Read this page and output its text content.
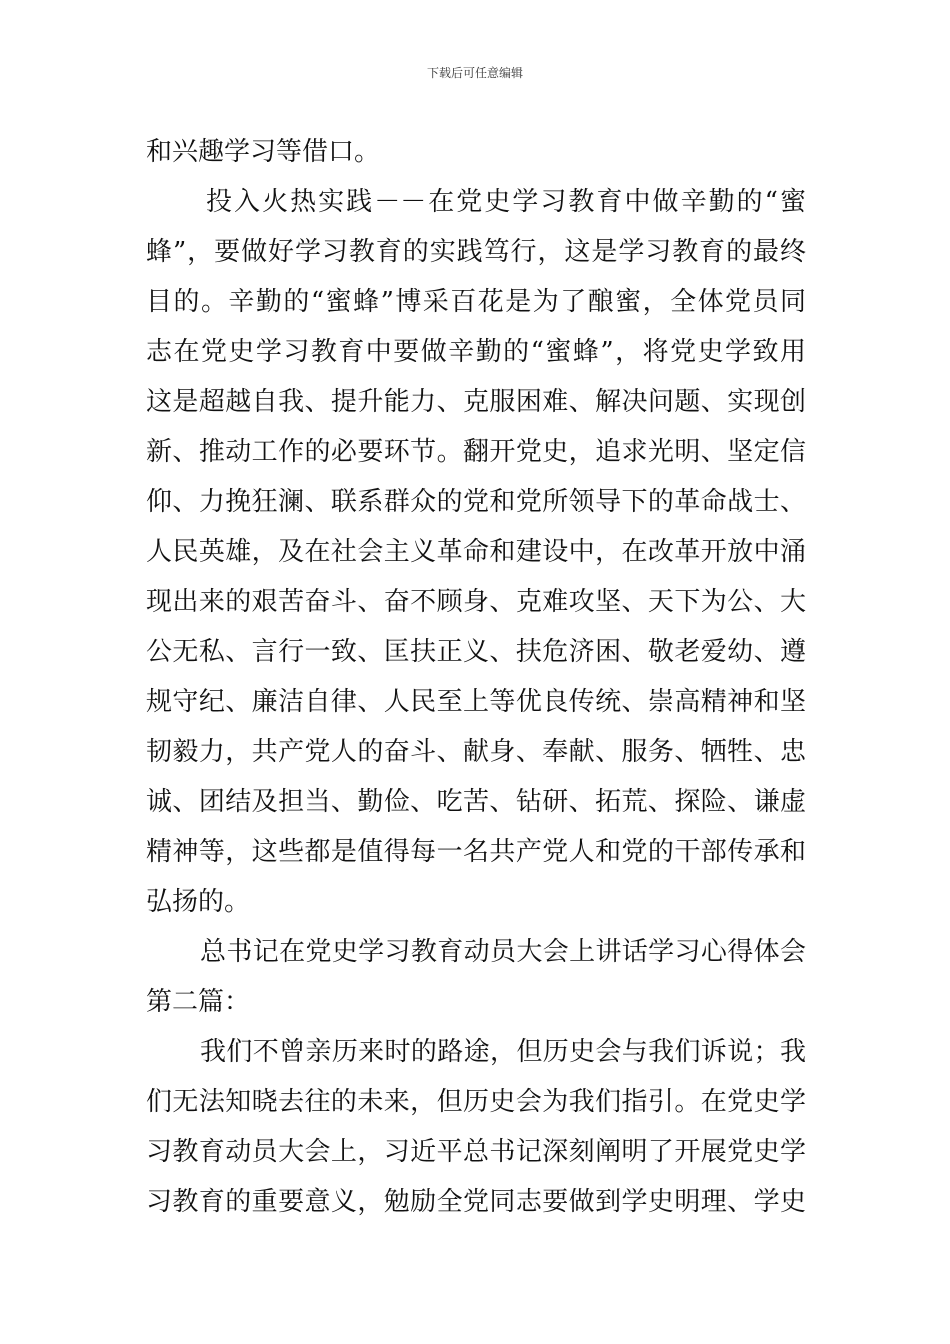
下载后可任意编辑
和兴趣学习等借口。
投入火热实践－－在党史学习教育中做辛勤的“蜜
蜂”，要做好学习教育的实践笃行，这是学习教育的最终
目的。辛勤的“蜜蜂”博采百花是为了酿蜜，全体党员同
志在党史学习教育中要做辛勤的“蜜蜂”，将党史学致用
这是超越自我、提升能力、克服困难、解决问题、实现创
新、推动工作的必要环节。翻开党史，追求光明、坚定信
仰、力挽狂澜、联系群众的党和党所领导下的革命战士、
人民英雄，及在社会主义革命和建设中，在改革开放中涌
现出来的艰苦奋斗、奋不顾身、克难攻坚、天下为公、大
公无私、言行一致、匡扶正义、扶危济困、敬老爱幼、遵
规守纪、廉洁自律、人民至上等优良传统、崇高精神和坚
韧毅力，共产党人的奋斗、献身、奉献、服务、牺牲、忠
诚、团结及担当、勤俭、吃苦、钻研、拓荒、探险、谦虚
精神等，这些都是值得每一名共产党人和党的干部传承和
弘扬的。
总书记在党史学习教育动员大会上讲话学习心得体会
第二篇：
我们不曾亲历来时的路途，但历史会与我们诉说；我
们无法知晓去往的未来，但历史会为我们指引。在党史学
习教育动员大会上，习近平总书记深刻阐明了开展党史学
习教育的重要意义，勉励全党同志要做到学史明理、学史
